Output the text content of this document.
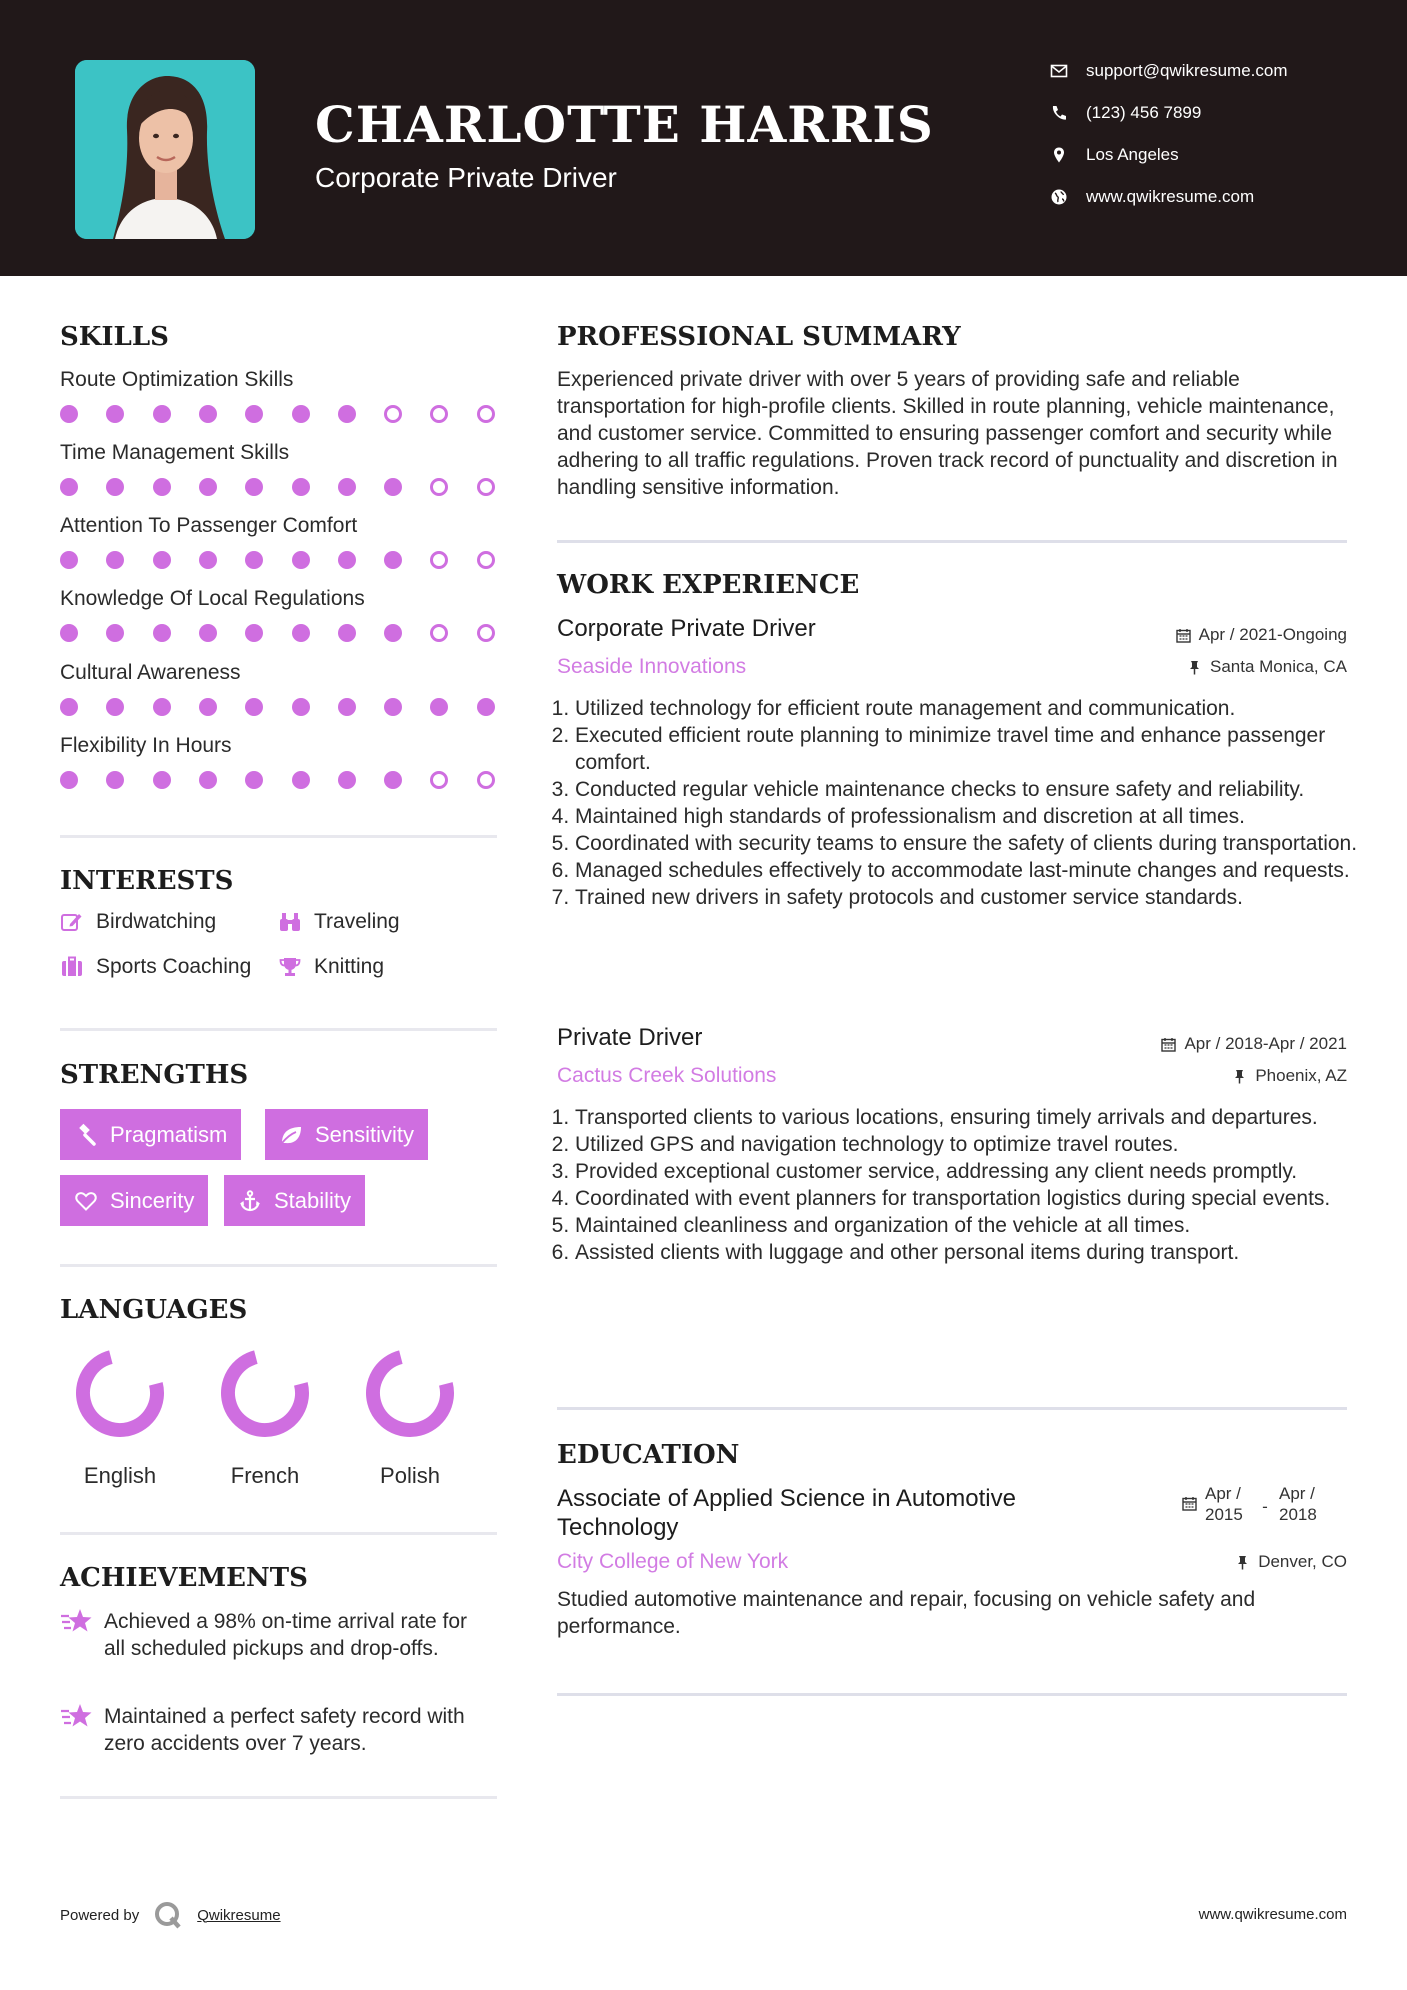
CHARLOTTE HARRIS
Corporate Private Driver
support@qwikresume.com
(123) 456 7899
Los Angeles
www.qwikresume.com
SKILLS
Route Optimization Skills
Time Management Skills
Attention To Passenger Comfort
Knowledge Of Local Regulations
Cultural Awareness
Flexibility In Hours
INTERESTS
Birdwatching	Traveling
Sports Coaching	Knitting
STRENGTHS
Pragmatism	Sensitivity
Sincerity	Stability
LANGUAGES
English	French	Polish
ACHIEVEMENTS
Achieved a 98% on-time arrival rate for all scheduled pickups and drop-offs.
Maintained a perfect safety record with zero accidents over 7 years.
PROFESSIONAL SUMMARY

Experienced private driver with over 5 years of providing safe and reliable transportation for high-profile clients. Skilled in route planning, vehicle maintenance, and customer service. Committed to ensuring passenger comfort and security while adhering to all traffic regulations. Proven track record of punctuality and discretion in handling sensitive information.

WORK EXPERIENCE
Corporate Private Driver	Apr / 2021-Ongoing
Seaside Innovations	Santa Monica, CA
1. Utilized technology for efficient route management and communication.
2. Executed efficient route planning to minimize travel time and enhance passenger comfort.
3. Conducted regular vehicle maintenance checks to ensure safety and reliability.
4. Maintained high standards of professionalism and discretion at all times.
5. Coordinated with security teams to ensure the safety of clients during transportation.
6. Managed schedules effectively to accommodate last-minute changes and requests.
7. Trained new drivers in safety protocols and customer service standards.
Private Driver	Apr / 2018-Apr / 2021
Cactus Creek Solutions	Phoenix, AZ
1. Transported clients to various locations, ensuring timely arrivals and departures.
2. Utilized GPS and navigation technology to optimize travel routes.
3. Provided exceptional customer service, addressing any client needs promptly.
4. Coordinated with event planners for transportation logistics during special events.
5. Maintained cleanliness and organization of the vehicle at all times.
6. Assisted clients with luggage and other personal items during transport.
EDUCATION
Associate of Applied Science in Automotive Technology
Apr / 2015	-
Apr / 2018
City College of New York	Denver, CO

Studied automotive maintenance and repair, focusing on vehicle safety and performance.

Powered by	Qwikresume	www.qwikresume.com
